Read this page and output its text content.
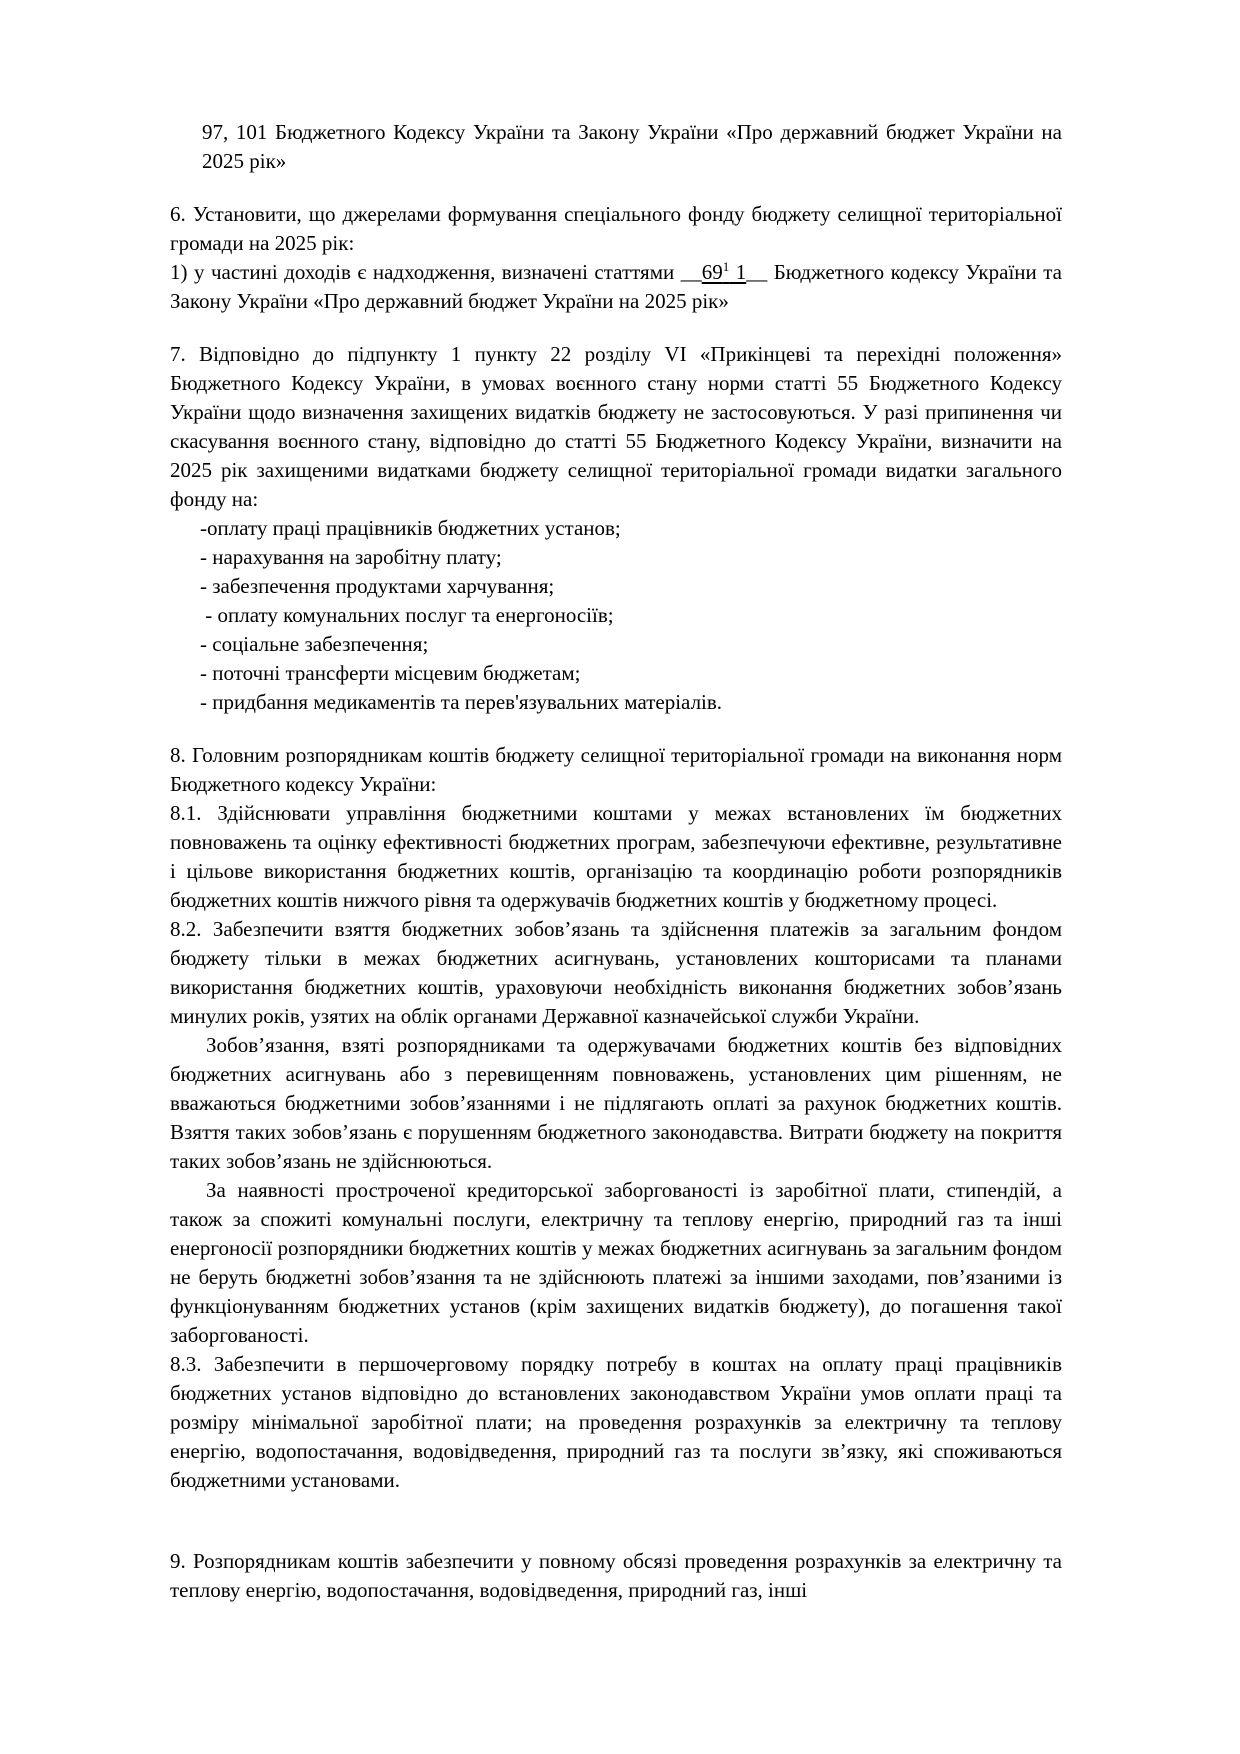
97, 101 Бюджетного Кодексу України та Закону України «Про державний бюджет України на 2025 рік»

6. Установити, що джерелами формування спеціального фонду бюджету селищної територіальної громади на 2025 рік:

1) у частині доходів є надходження, визначені статтями $\_\_69^1$ 1__ Бюджетного кодексу України та Закону України «Про державний бюджет України на 2025 рік»

7. Відповідно до підпункту 1 пункту 22 розділу VI «Прикінцеві та перехідні положення» Бюджетного Кодексу України, в умовах воєнного стану норми статті 55 Бюджетного Кодексу України щодо визначення захищених видатків бюджету не застосовуються. У разі припинення чи скасування воєнного стану, відповідно до статті 55 Бюджетного Кодексу України, визначити на 2025 рік захищеними видатками бюджету селищної територіальної громади видатки загального фонду на:

-оплату праці працівників бюджетних установ;
- нарахування на заробітну плату;
- забезпечення продуктами харчування;
- оплату комунальних послуг та енергоносіїв;
- соціальне забезпечення;
- поточні трансферти місцевим бюджетам;
- придбання медикаментів та перев'язувальних матеріалів.

8. Головним розпорядникам коштів бюджету селищної територіальної громади на виконання норм Бюджетного кодексу України:

8.1. Здійснювати управління бюджетними коштами у межах встановлених їм бюджетних повноважень та оцінку ефективності бюджетних програм, забезпечуючи ефективне, результативне і цільове використання бюджетних коштів, організацію та координацію роботи розпорядників бюджетних коштів нижчого рівня та одержувачів бюджетних коштів у бюджетному процесі.

8.2. Забезпечити взяття бюджетних зобов’язань та здійснення платежів за загальним фондом бюджету тільки в межах бюджетних асигнувань, установлених кошторисами та планами використання бюджетних коштів, ураховуючи необхідність виконання бюджетних зобов’язань минулих років, узятих на облік органами Державної казначейської служби України.

Зобов’язання, взяті розпорядниками та одержувачами бюджетних коштів без відповідних бюджетних асигнувань або з перевищенням повноважень, установлених цим рішенням, не вважаються бюджетними зобов’язаннями і не підлягають оплаті за рахунок бюджетних коштів. Взяття таких зобов’язань є порушенням бюджетного законодавства. Витрати бюджету на покриття таких зобов’язань не здійснюються.

За наявності простроченої кредиторської заборгованості із заробітної плати, стипендій, а також за спожиті комунальні послуги, електричну та теплову енергію, природний газ та інші енергоносії розпорядники бюджетних коштів у межах бюджетних асигнувань за загальним фондом не беруть бюджетні зобов’язання та не здійснюють платежі за іншими заходами, пов’язаними із функціонуванням бюджетних установ (крім захищених видатків бюджету), до погашення такої заборгованості.

8.3. Забезпечити в першочерговому порядку потребу в коштах на оплату праці працівників бюджетних установ відповідно до встановлених законодавством України умов оплати праці та розміру мінімальної заробітної плати; на проведення розрахунків за електричну та теплову енергію, водопостачання, водовідведення, природний газ та послуги зв’язку, які споживаються бюджетними установами.

9. Розпорядникам коштів забезпечити у повному обсязі проведення розрахунків за електричну та теплову енергію, водопостачання, водовідведення, природний газ, інші
